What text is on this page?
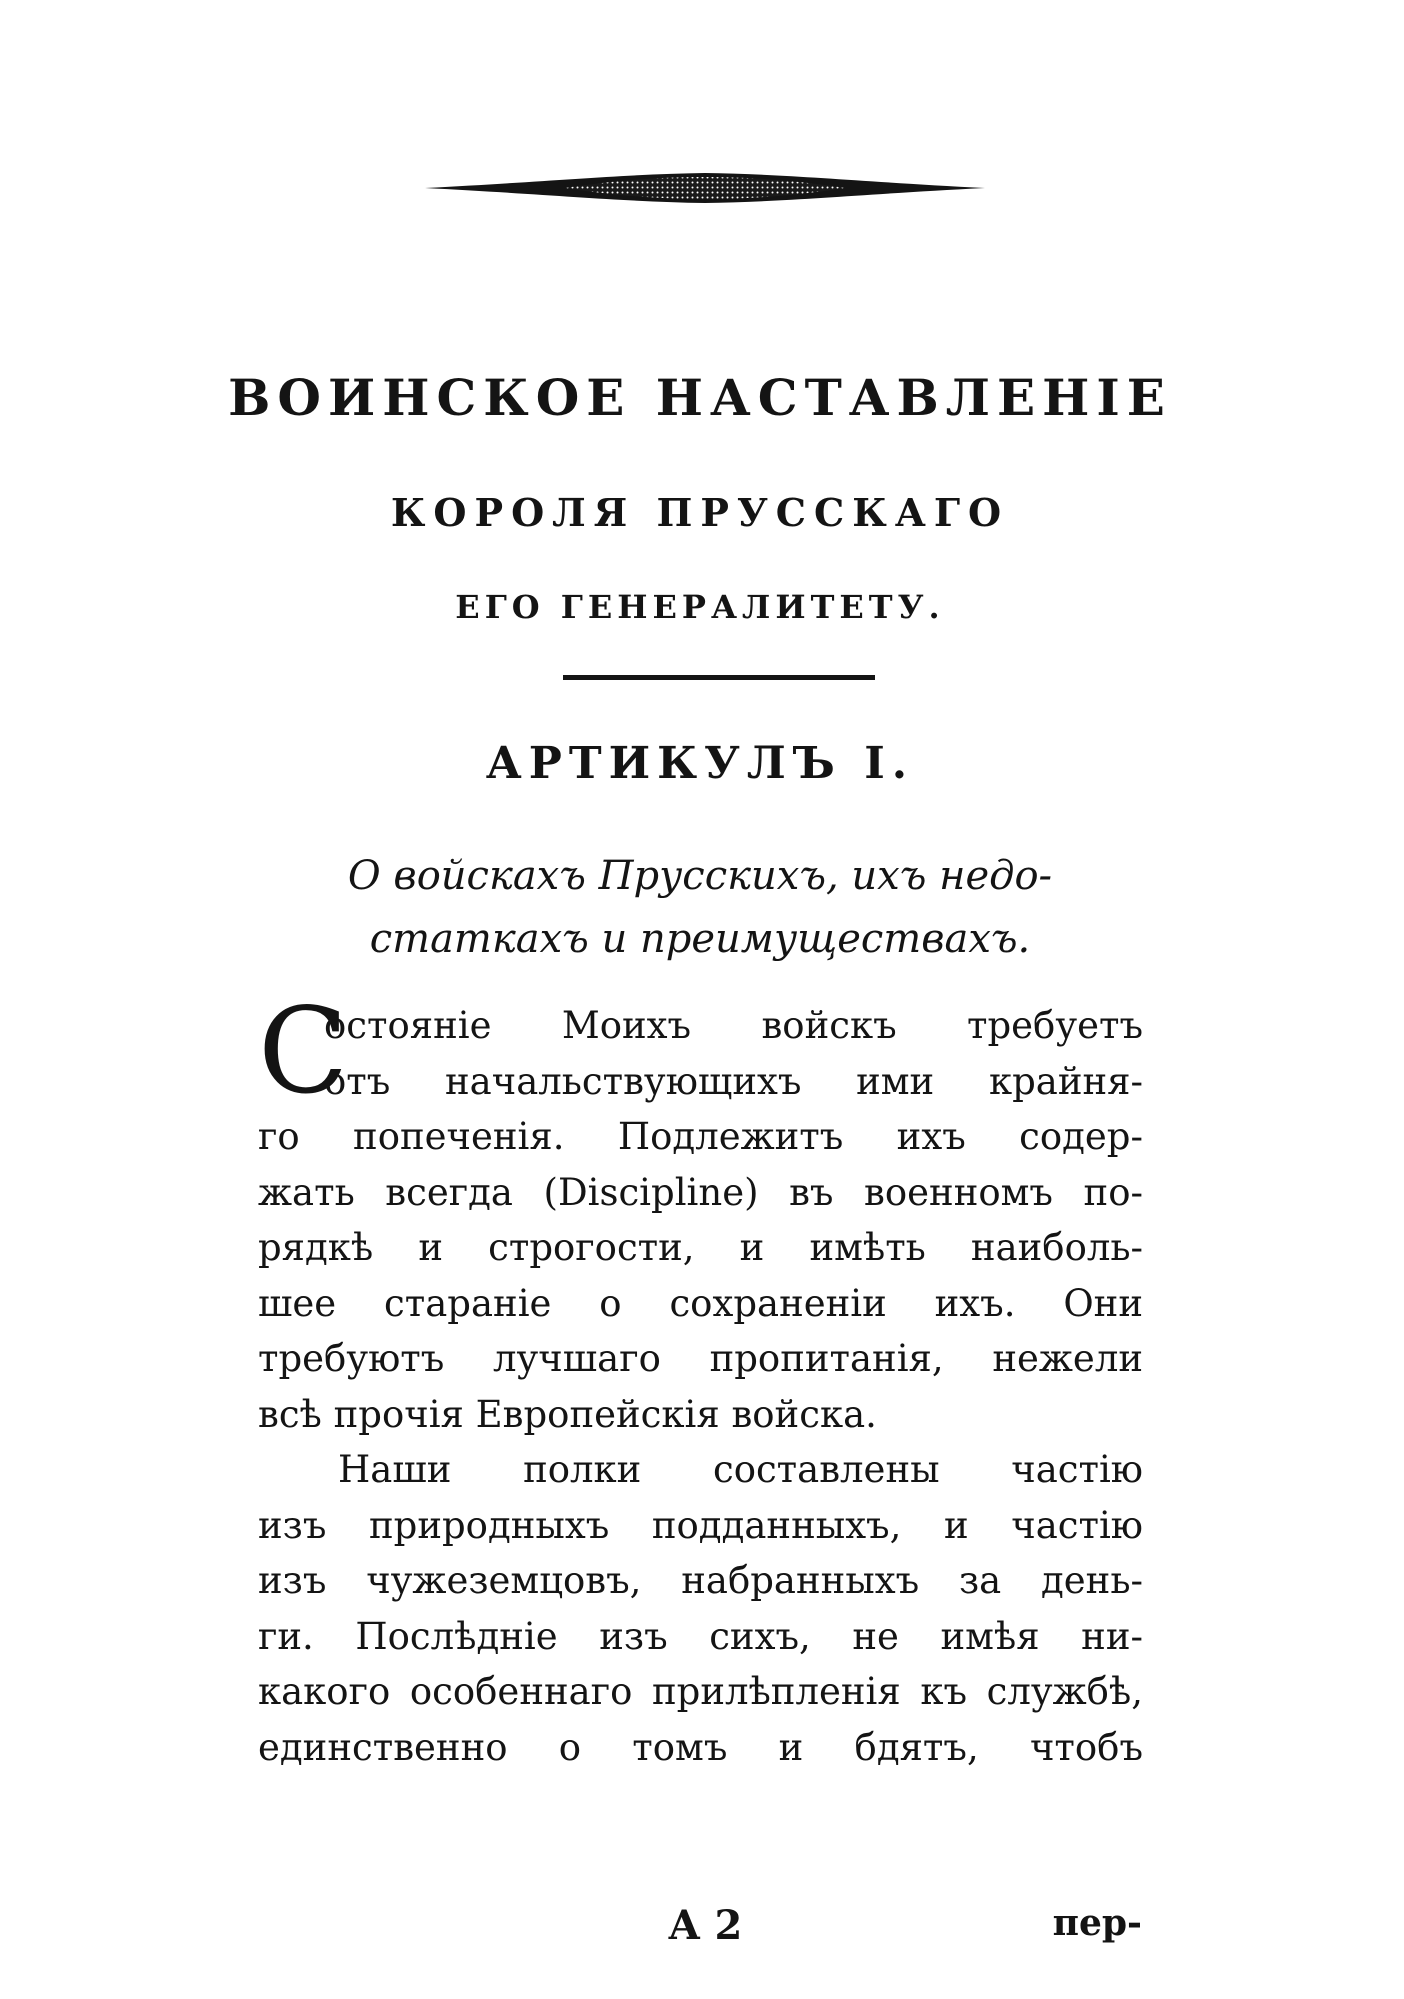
ВОИНСКОЕ НАСТАВЛЕНІЕ
КОРОЛЯ ПРУССКАГО
ЕГО ГЕНЕРАЛИТЕТУ.
АРТИКУЛЪ I.
О войскахъ Прусскихъ, ихъ недо-
статкахъ и преимуществахъ.
С
остояніе Моихъ войскъ требуетъ
отъ начальствующихъ ими крайня-
го попеченія. Подлежитъ ихъ содер-
жать всегда (Discipline) въ военномъ по-
рядкѣ и строгости, и имѣть наиболь-
шее стараніе о сохраненіи ихъ. Они
требуютъ лучшаго пропитанія, нежели
всѣ прочія Европейскія войска.
Наши полки составлены частію
изъ природныхъ подданныхъ, и частію
изъ чужеземцовъ, набранныхъ за день-
ги. Послѣдніе изъ сихъ, не имѣя ни-
какого особеннаго прилѣпленія къ службѣ,
единственно о томъ и бдятъ, чтобъ
А 2	пер-
